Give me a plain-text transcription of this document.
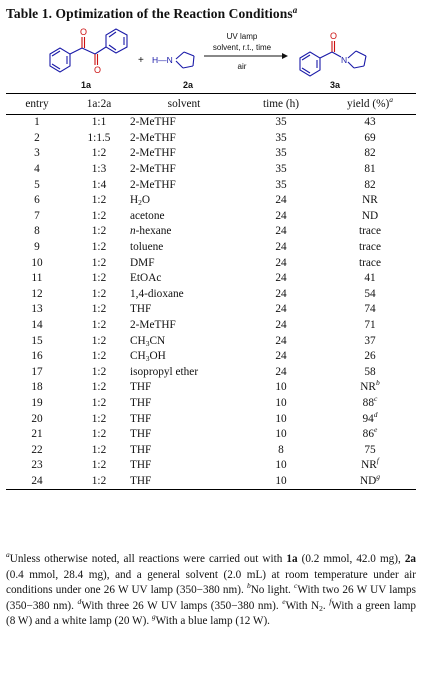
Table 1. Optimization of the Reaction Conditions$^a$
O
O
1a
+ H—N
2a
UV lamp
solvent, r.t., time
air
O
N
3a
entry	1a:2a	solvent	time (h)	yield (%)$^a$
1	1:1	2-MeTHF	35	43
2	1:1.5	2-MeTHF	35	69
3	1:2	2-MeTHF	35	82
4	1:3	2-MeTHF	35	81
5	1:4	2-MeTHF	35	82
6	1:2	$H_2O$	24	NR
7	1:2	acetone	24	ND
8	1:2	n-hexane	24	trace
9	1:2	toluene	24	trace
10	1:2	DMF	24	trace
11	1:2	EtOAc	24	41
12	1:2	1,4-dioxane	24	54
13	1:2	THF	24	74
14	1:2	2-MeTHF	24	71
15	1:2	$CH_3CN$	24	37
16	1:2	$CH_3OH$	24	26
17	1:2	isopropyl ether	24	58
18	1:2	THF	10	$NR^b$
19	1:2	THF	10	88$^c$
20	1:2	THF	10	94$^d$
21	1:2	THF	10	86e
22	1:2	THF	8	75
23	1:2	THF	10	$NR^f$
24	1:2	THF	10	$ND^g$
$^a$Unless otherwise noted, all reactions were carried out with 1a (0.2 mmol, 42.0 mg), 2a (0.4 mmol, 28.4 mg), and a general solvent (2.0 mL) at room temperature under air conditions under one 26 W UV lamp (350−380 nm). $^b$No light. $^c$With two 26 W UV lamps (350−380 nm). $^d$With three 26 W UV lamps (350−380 nm). $^e$With $N_2$. $^f$With a green lamp (8 W) and a white lamp (20 W). $^g$With a blue lamp (12 W).
